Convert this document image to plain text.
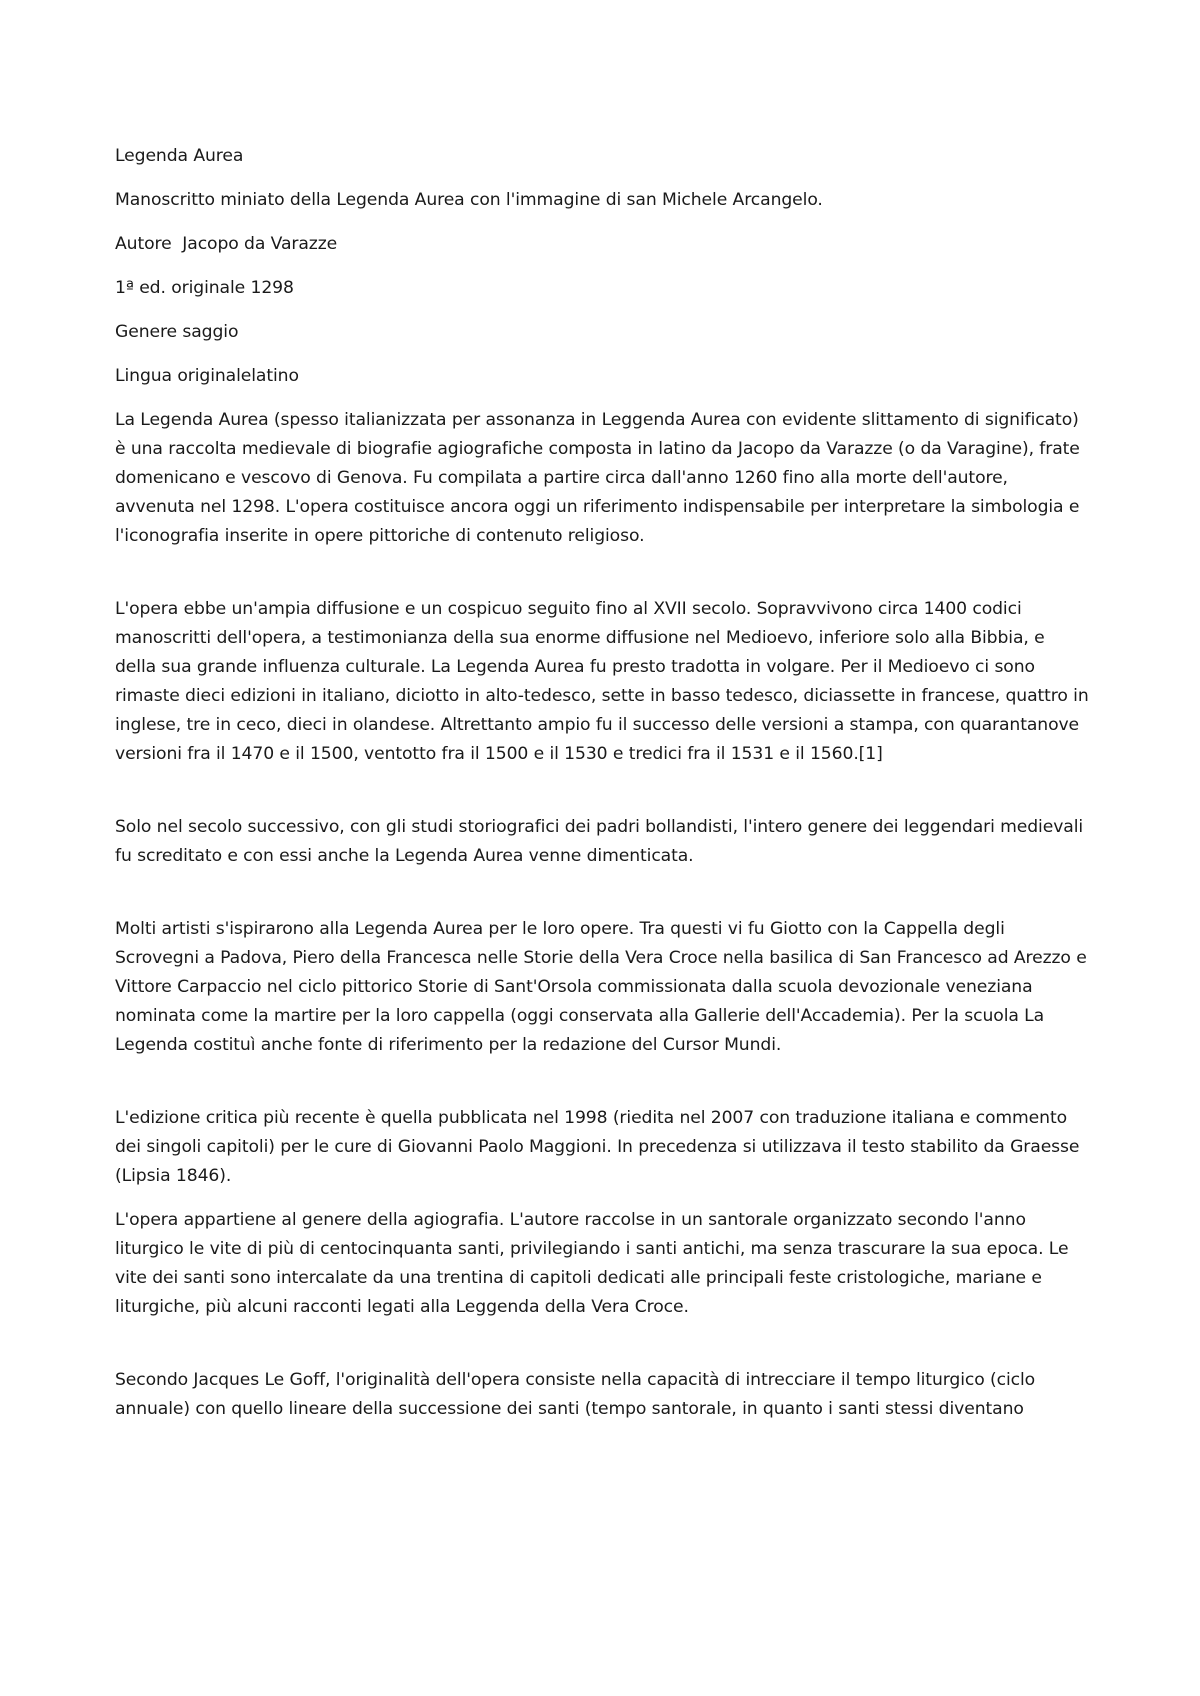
Legenda Aurea

Manoscritto miniato della Legenda Aurea con l'immagine di san Michele Arcangelo.

Autore  Jacopo da Varazze

1ª ed. originale 1298

Genere saggio

Lingua originalelatino

La Legenda Aurea (spesso italianizzata per assonanza in Leggenda Aurea con evidente slittamento di significato) è una raccolta medievale di biografie agiografiche composta in latino da Jacopo da Varazze (o da Varagine), frate domenicano e vescovo di Genova. Fu compilata a partire circa dall'anno 1260 fino alla morte dell'autore, avvenuta nel 1298. L'opera costituisce ancora oggi un riferimento indispensabile per interpretare la simbologia e l'iconografia inserite in opere pittoriche di contenuto religioso.

L'opera ebbe un'ampia diffusione e un cospicuo seguito fino al XVII secolo. Sopravvivono circa 1400 codici manoscritti dell'opera, a testimonianza della sua enorme diffusione nel Medioevo, inferiore solo alla Bibbia, e della sua grande influenza culturale. La Legenda Aurea fu presto tradotta in volgare. Per il Medioevo ci sono rimaste dieci edizioni in italiano, diciotto in alto-tedesco, sette in basso tedesco, diciassette in francese, quattro in inglese, tre in ceco, dieci in olandese. Altrettanto ampio fu il successo delle versioni a stampa, con quarantanove versioni fra il 1470 e il 1500, ventotto fra il 1500 e il 1530 e tredici fra il 1531 e il 1560.[1]

Solo nel secolo successivo, con gli studi storiografici dei padri bollandisti, l'intero genere dei leggendari medievali fu screditato e con essi anche la Legenda Aurea venne dimenticata.

Molti artisti s'ispirarono alla Legenda Aurea per le loro opere. Tra questi vi fu Giotto con la Cappella degli Scrovegni a Padova, Piero della Francesca nelle Storie della Vera Croce nella basilica di San Francesco ad Arezzo e Vittore Carpaccio nel ciclo pittorico Storie di Sant'Orsola commissionata dalla scuola devozionale veneziana nominata come la martire per la loro cappella (oggi conservata alla Gallerie dell'Accademia). Per la scuola La Legenda costituì anche fonte di riferimento per la redazione del Cursor Mundi.

L'edizione critica più recente è quella pubblicata nel 1998 (riedita nel 2007 con traduzione italiana e commento dei singoli capitoli) per le cure di Giovanni Paolo Maggioni. In precedenza si utilizzava il testo stabilito da Graesse (Lipsia 1846).

L'opera appartiene al genere della agiografia. L'autore raccolse in un santorale organizzato secondo l'anno liturgico le vite di più di centocinquanta santi, privilegiando i santi antichi, ma senza trascurare la sua epoca. Le vite dei santi sono intercalate da una trentina di capitoli dedicati alle principali feste cristologiche, mariane e liturgiche, più alcuni racconti legati alla Leggenda della Vera Croce.

Secondo Jacques Le Goff, l'originalità dell'opera consiste nella capacità di intrecciare il tempo liturgico (ciclo annuale) con quello lineare della successione dei santi (tempo santorale, in quanto i santi stessi diventano
